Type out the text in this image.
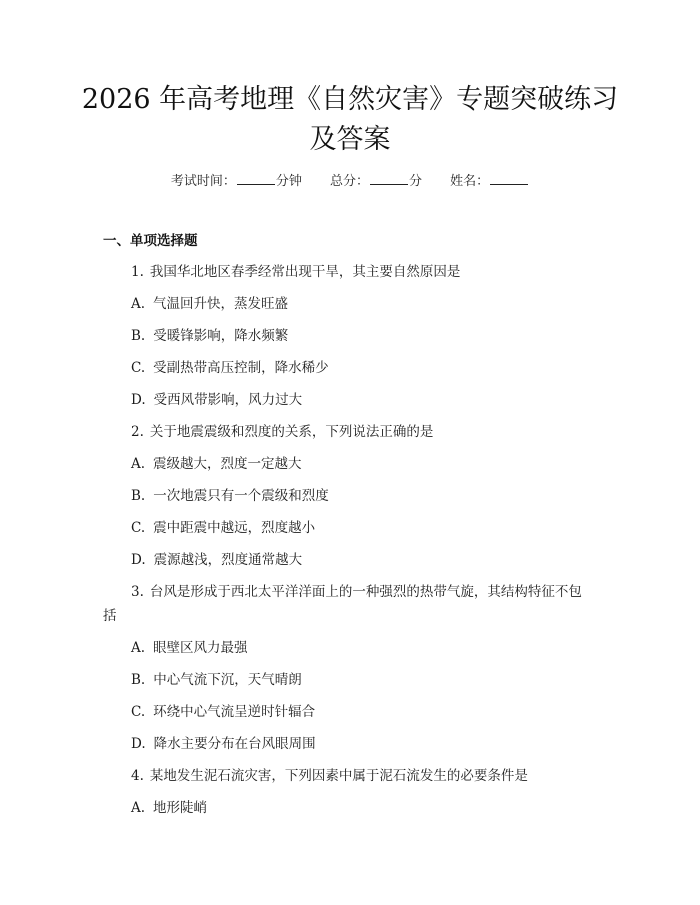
2026 年高考地理《自然灾害》专题突破练习
及答案
考试时间：	分钟 总分：	分 姓名：
一、单项选择题
1. 我国华北地区春季经常出现干旱，其主要自然原因是
A. 气温回升快，蒸发旺盛
B. 受暖锋影响，降水频繁
C. 受副热带高压控制，降水稀少
D. 受西风带影响，风力过大
2. 关于地震震级和烈度的关系，下列说法正确的是
A. 震级越大，烈度一定越大
B. 一次地震只有一个震级和烈度
C. 震中距震中越远，烈度越小
D. 震源越浅，烈度通常越大
3. 台风是形成于西北太平洋洋面上的一种强烈的热带气旋，其结构特征不包
括
A. 眼壁区风力最强
B. 中心气流下沉，天气晴朗
C. 环绕中心气流呈逆时针辐合
D. 降水主要分布在台风眼周围
4. 某地发生泥石流灾害，下列因素中属于泥石流发生的必要条件是
A. 地形陡峭
